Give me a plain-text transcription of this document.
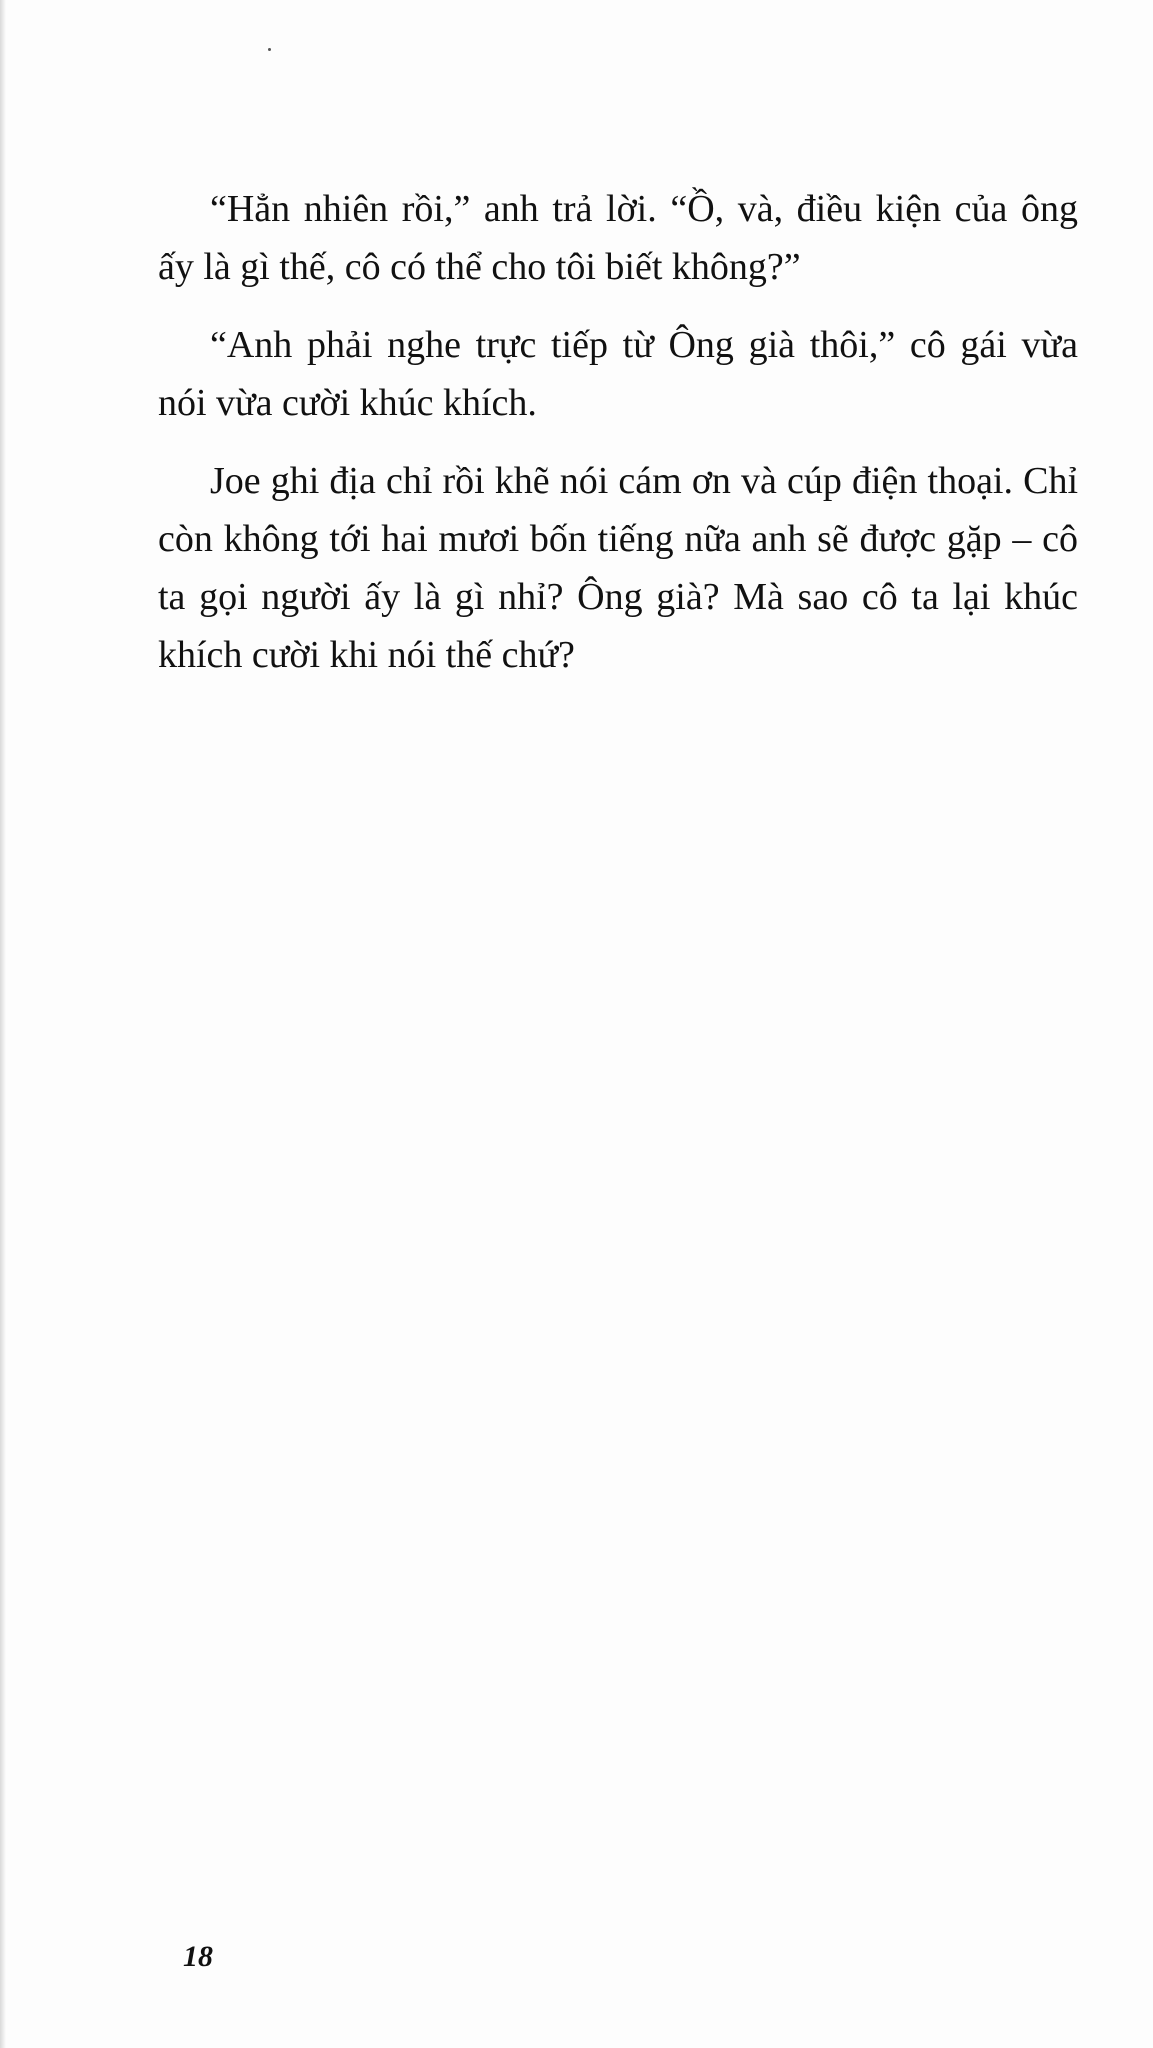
“Hẳn nhiên rồi,” anh trả lời. “Ồ, và, điều kiện của ông ấy là gì thế, cô có thể cho tôi biết không?”

“Anh phải nghe trực tiếp từ Ông già thôi,” cô gái vừa nói vừa cười khúc khích.

Joe ghi địa chỉ rồi khẽ nói cám ơn và cúp điện thoại. Chỉ còn không tới hai mươi bốn tiếng nữa anh sẽ được gặp – cô ta gọi người ấy là gì nhỉ? Ông già? Mà sao cô ta lại khúc khích cười khi nói thế chứ?

18
